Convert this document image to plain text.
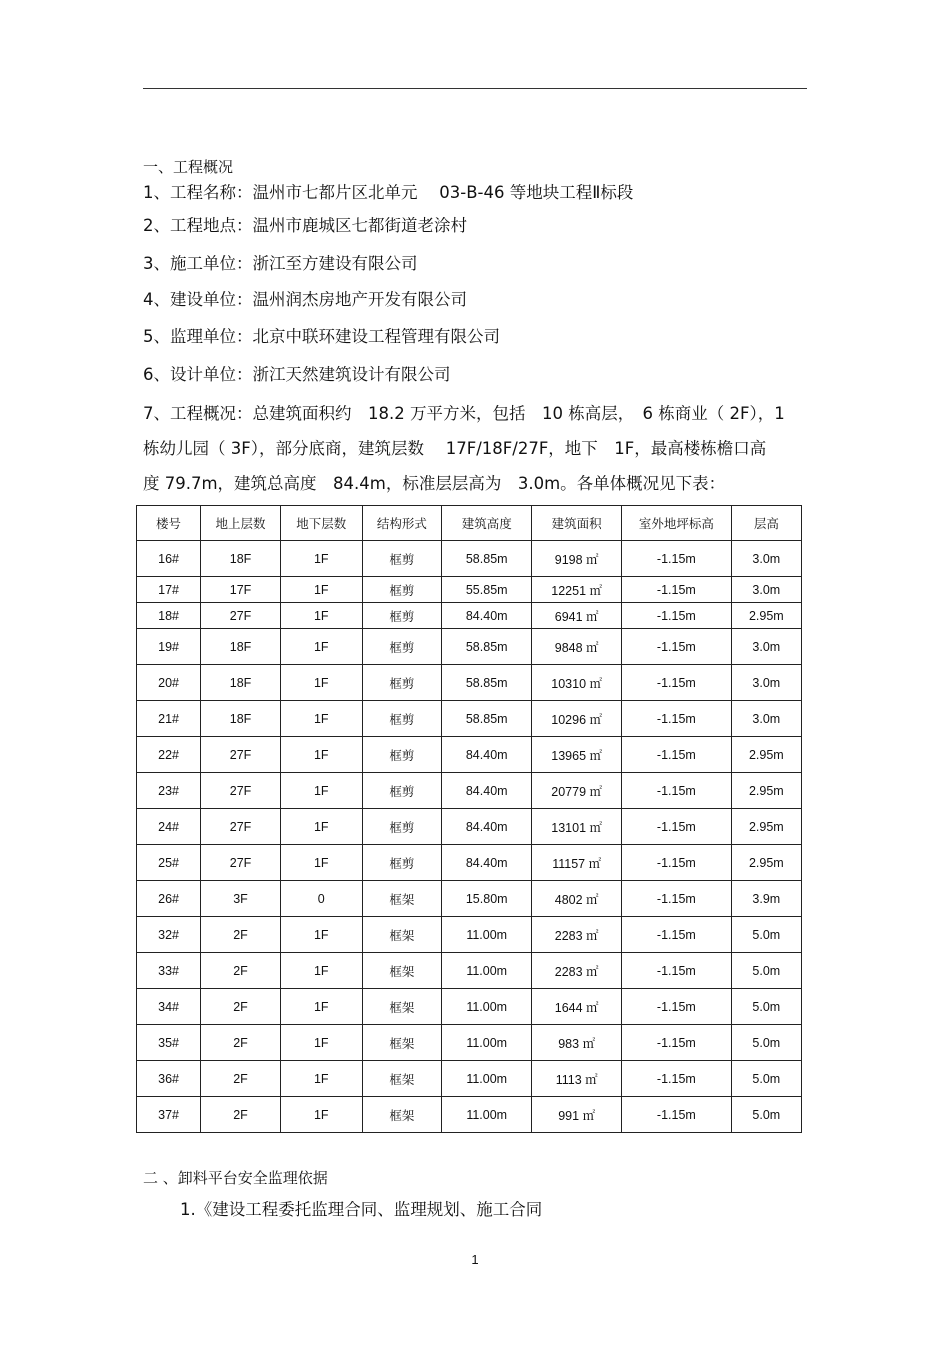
一、工程概况
1、工程名称：温州市七都片区北单元　 03-B-46 等地块工程Ⅱ标段
2、工程地点：温州市鹿城区七都街道老涂村
3、施工单位：浙江至方建设有限公司
4、建设单位：温州润杰房地产开发有限公司
5、监理单位：北京中联环建设工程管理有限公司
6、设计单位：浙江天然建筑设计有限公司
7、工程概况：总建筑面积约　18.2 万平方米，包括　10 栋高层，　6 栋商业（ 2F），1
栋幼儿园（ 3F），部分底商，建筑层数　 17F/18F/27F，地下　1F，最高楼栋檐口高
度 79.7m，建筑总高度　84.4m，标准层层高为　3.0m。各单体概况见下表：
楼号	地上层数	地下层数	结构形式	建筑高度	建筑面积	室外地坪标高	层高
16#	18F	1F	框剪	58.85m	9198 ㎡	-1.15m	3.0m
17#	17F	1F	框剪	55.85m	12251 ㎡	-1.15m	3.0m
18#	27F	1F	框剪	84.40m	6941 ㎡	-1.15m	2.95m
19#	18F	1F	框剪	58.85m	9848 ㎡	-1.15m	3.0m
20#	18F	1F	框剪	58.85m	10310 ㎡	-1.15m	3.0m
21#	18F	1F	框剪	58.85m	10296 ㎡	-1.15m	3.0m
22#	27F	1F	框剪	84.40m	13965 ㎡	-1.15m	2.95m
23#	27F	1F	框剪	84.40m	20779 ㎡	-1.15m	2.95m
24#	27F	1F	框剪	84.40m	13101 ㎡	-1.15m	2.95m
25#	27F	1F	框剪	84.40m	11157 ㎡	-1.15m	2.95m
26#	3F	0	框架	15.80m	4802 ㎡	-1.15m	3.9m
32#	2F	1F	框架	11.00m	2283 ㎡	-1.15m	5.0m
33#	2F	1F	框架	11.00m	2283 ㎡	-1.15m	5.0m
34#	2F	1F	框架	11.00m	1644 ㎡	-1.15m	5.0m
35#	2F	1F	框架	11.00m	983 ㎡	-1.15m	5.0m
36#	2F	1F	框架	11.00m	1113 ㎡	-1.15m	5.0m
37#	2F	1F	框架	11.00m	991 ㎡	-1.15m	5.0m
二 、卸料平台安全监理依据
1.《建设工程委托监理合同、监理规划、施工合同
1
